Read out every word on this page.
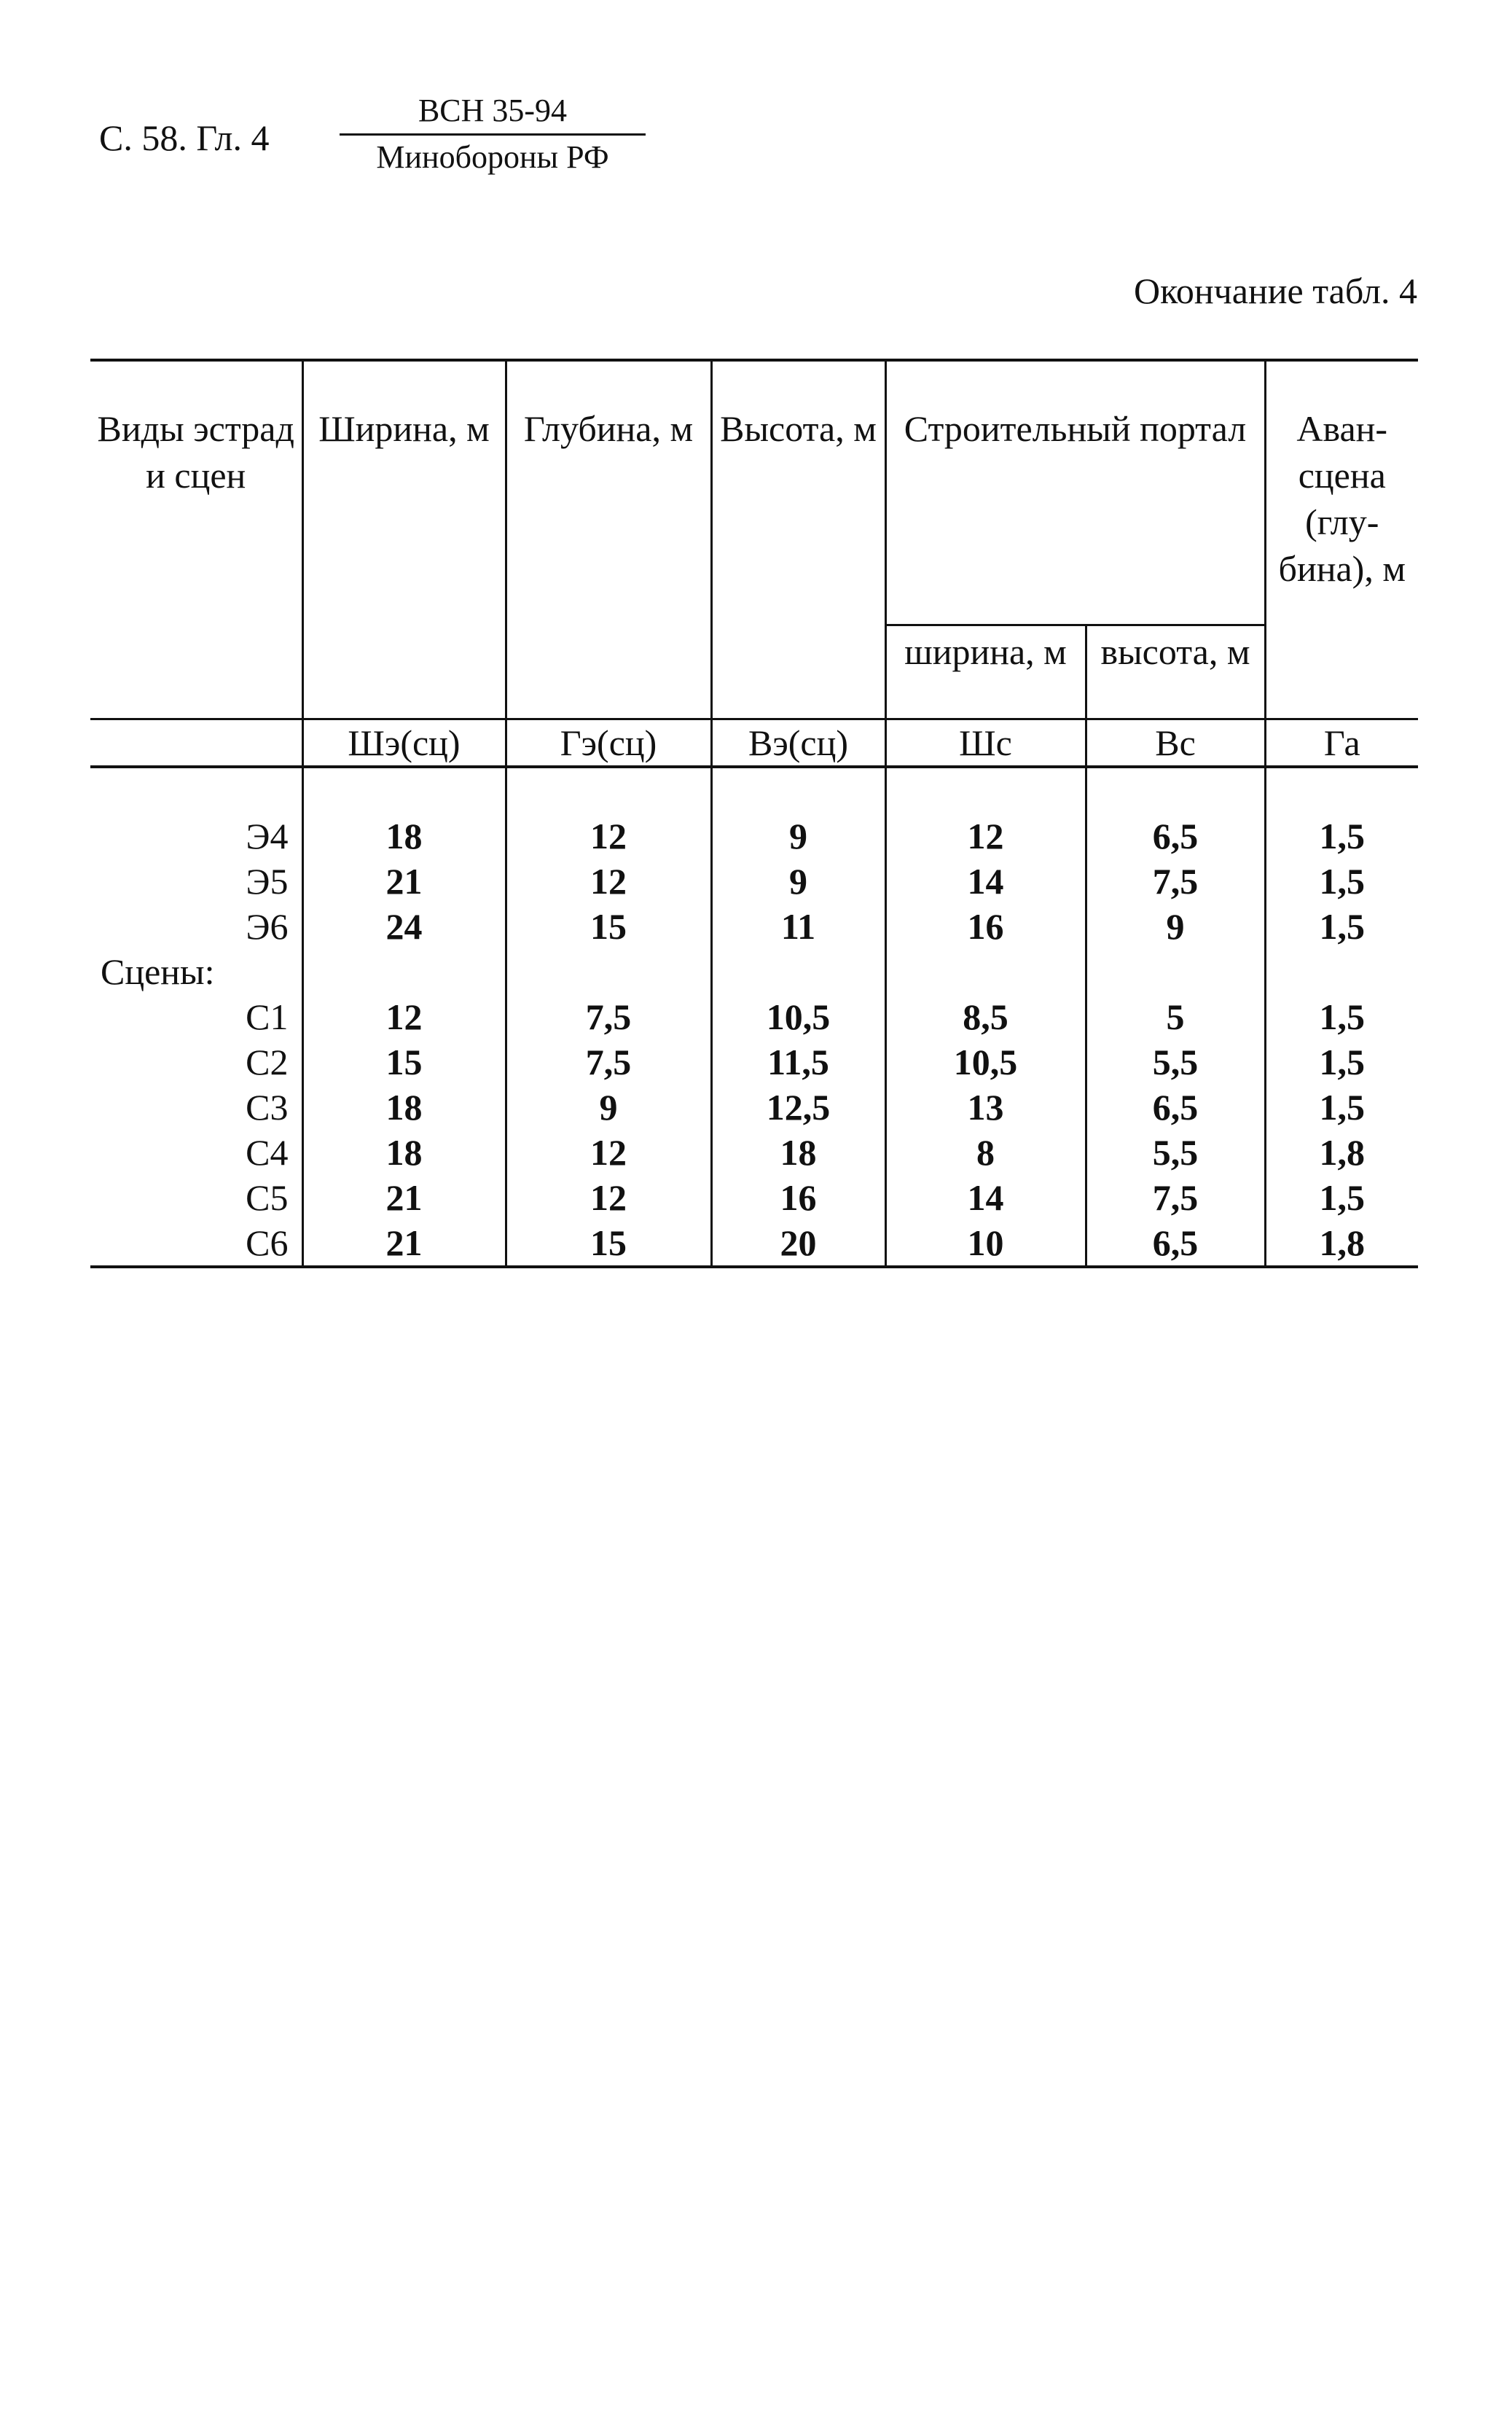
С. 58. Гл. 4
ВСН 35-94
Минобороны РФ
Окончание табл. 4
Виды эстрад и сцен	Ширина, м	Глубина, м	Высота, м	Строительный портал		Аван-сцена (глу-бина), м
				ширина, м	высота, м	
	Шэ(сц)	Гэ(сц)	Вэ(сц)	Шс	Вс	Га
Э4	18	12	9	12	6,5	1,5
Э5	21	12	9	14	7,5	1,5
Э6	24	15	11	16	9	1,5
Сцены:						
С1	12	7,5	10,5	8,5	5	1,5
С2	15	7,5	11,5	10,5	5,5	1,5
С3	18	9	12,5	13	6,5	1,5
С4	18	12	18	8	5,5	1,8
С5	21	12	16	14	7,5	1,5
С6	21	15	20	10	6,5	1,8
